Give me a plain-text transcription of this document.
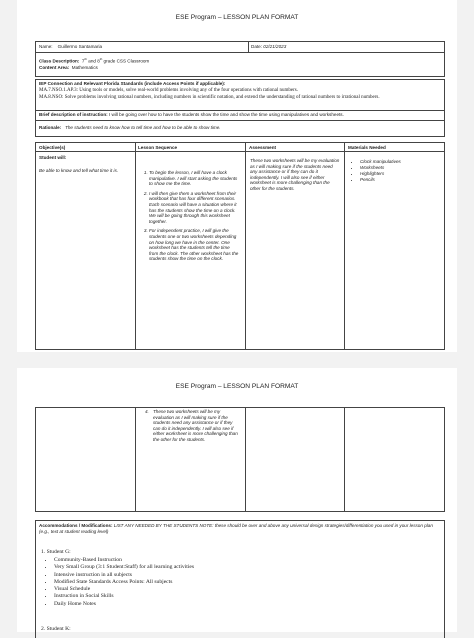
ESE Program – LESSON PLAN FORMAT
Name: Guillermo Santamaria	Date: 02/21/2023
Class Description: 7th and 8th grade CSS Classroom
Content Area: Mathematics
IEP Connection and Relevant Florida Standards (include Access Points if applicable):
MA.7.NSO.1.AP.3: Using tools or models, solve real-world problems involving any of the four operations with rational numbers.
MA.8.NSO: Solve problems involving rational numbers, including numbers in scientific notation, and extend the understanding of rational numbers to irrational numbers.
Brief description of instruction: I will be going over how to have the students show the time and show the time using manipulatives and worksheets.
Rationale: The students need to know how to tell time and how to be able to show time.
Objective(s)	Lesson Sequence	Assessment	Materials Needed
Student will:
Be able to know and tell what time it is.
1.	To begin the lesson, I will have a clock manipulative. I will start asking the students to show me the time.
2. I will then give them a worksheet from their workbook that has four different scenarios. Each scenario will have a situation where it has the students show the time on a clock. We will be going through this worksheet together.
3. For independent practice, I will give the students one or two worksheets depending on how long we have in the center. One worksheet has the students tell the time from the clock. The other worksheet has the students show the time on the clock.
These two worksheets will be my evaluation as I will making sure if the students need any assistance or if they can do it independently. I will also see if either worksheet is more challenging than the other for the students.
• Clock manipulatives
• Worksheets
• Highlighters
• Pencils
ESE Program – LESSON PLAN FORMAT
4. These two worksheets will be my evaluation as I will making sure if the students need any assistance or if they can do it independently. I will also see if either worksheet is more challenging than the other for the students.
Accommodations / Modifications: LIST ANY NEEDED BY THE STUDENTS NOTE: these should be over and above any universal design strategies/differentiation you used in your lesson plan (e.g., text at student reading level)
1. Student G:
• Community-Based Instruction
• Very Small Group (3:1 Student:Staff) for all learning activities
• Intensive instruction in all subjects
• Modified State Standards Access Points: All subjects
• Visual Schedule
• Instruction in Social Skills
• Daily Home Notes
2. Student K:
